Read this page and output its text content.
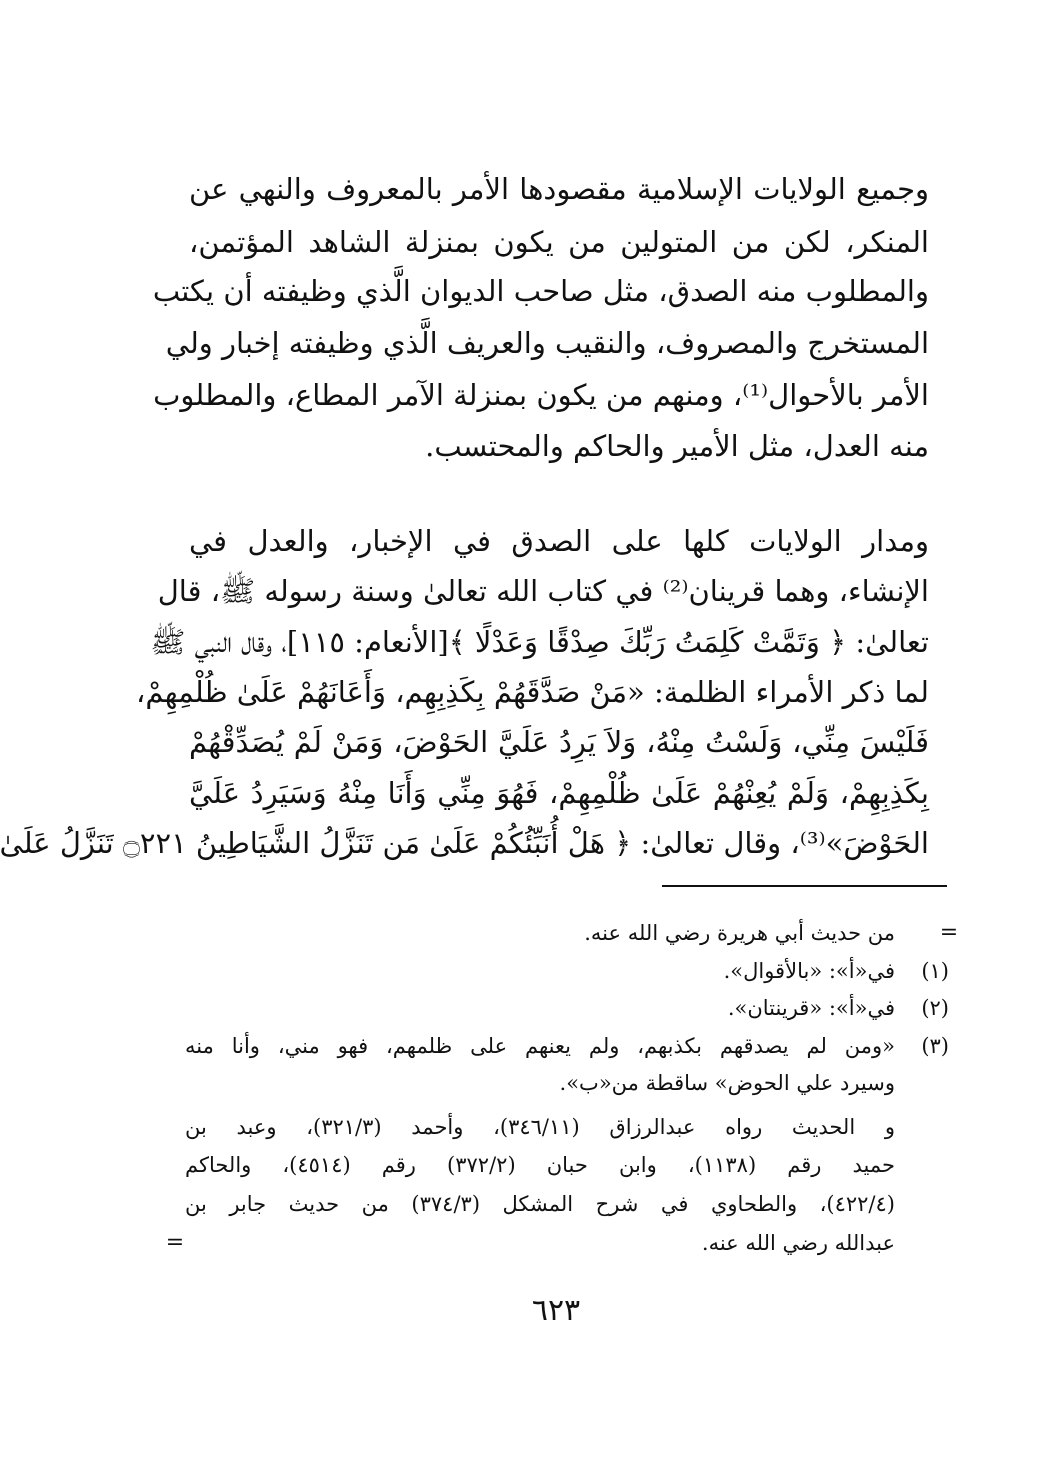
وجميع الولايات الإسلامية مقصودها الأمر بالمعروف والنهي عن
المنكر، لكن من المتولين من يكون بمنزلة الشاهد المؤتمن،
والمطلوب منه الصدق، مثل صاحب الديوان الَّذي وظيفته أن يكتب
المستخرج والمصروف، والنقيب والعريف الَّذي وظيفته إخبار ولي
الأمر بالأحوال⁽¹⁾، ومنهم من يكون بمنزلة الآمر المطاع، والمطلوب
منه العدل، مثل الأمير والحاكم والمحتسب.
ومدار الولايات كلها على الصدق في الإخبار، والعدل في
الإنشاء، وهما قرينان⁽²⁾ في كتاب الله تعالىٰ وسنة رسوله ﷺ، قال
تعالىٰ: ﴿ وَتَمَّتْ كَلِمَتُ رَبِّكَ صِدْقًا وَعَدْلًا ﴾[الأنعام: ١١٥]، وقال النبي ﷺ
لما ذكر الأمراء الظلمة: «مَنْ صَدَّقَهُمْ بِكَذِبِهِم، وَأَعَانَهُمْ عَلَىٰ ظُلْمِهِمْ،
فَلَيْسَ مِنِّي، وَلَسْتُ مِنْهُ، وَلاَ يَرِدُ عَلَيَّ الحَوْضَ، وَمَنْ لَمْ يُصَدِّقْهُمْ
بِكَذِبِهِمْ، وَلَمْ يُعِنْهُمْ عَلَىٰ ظُلْمِهِمْ، فَهُوَ مِنِّي وَأَنَا مِنْهُ وَسَيَرِدُ عَلَيَّ
الحَوْضَ»⁽³⁾، وقال تعالىٰ: ﴿ هَلْ أُنَبِّئُكُمْ عَلَىٰ مَن تَنَزَّلُ الشَّيَاطِينُ ۝٢٢١ تَنَزَّلُ عَلَىٰ
=
من حديث أبي هريرة رضي الله عنه.
(١)
في«أ»: «بالأقوال».
(٢)
في«أ»: «قرينتان».
(٣)
«ومن لم يصدقهم بكذبهم، ولم يعنهم على ظلمهم، فهو مني، وأنا منه
وسيرد علي الحوض» ساقطة من«ب».
و الحديث رواه عبدالرزاق (٣٤٦/١١)، وأحمد (٣٢١/٣)، وعبد بن
حميد رقم (١١٣٨)، وابن حبان (٣٧٢/٢) رقم (٤٥١٤)، والحاكم
(٤٢٢/٤)، والطحاوي في شرح المشكل (٣٧٤/٣) من حديث جابر بن
عبدالله رضي الله عنه.
=
٦٢٣
